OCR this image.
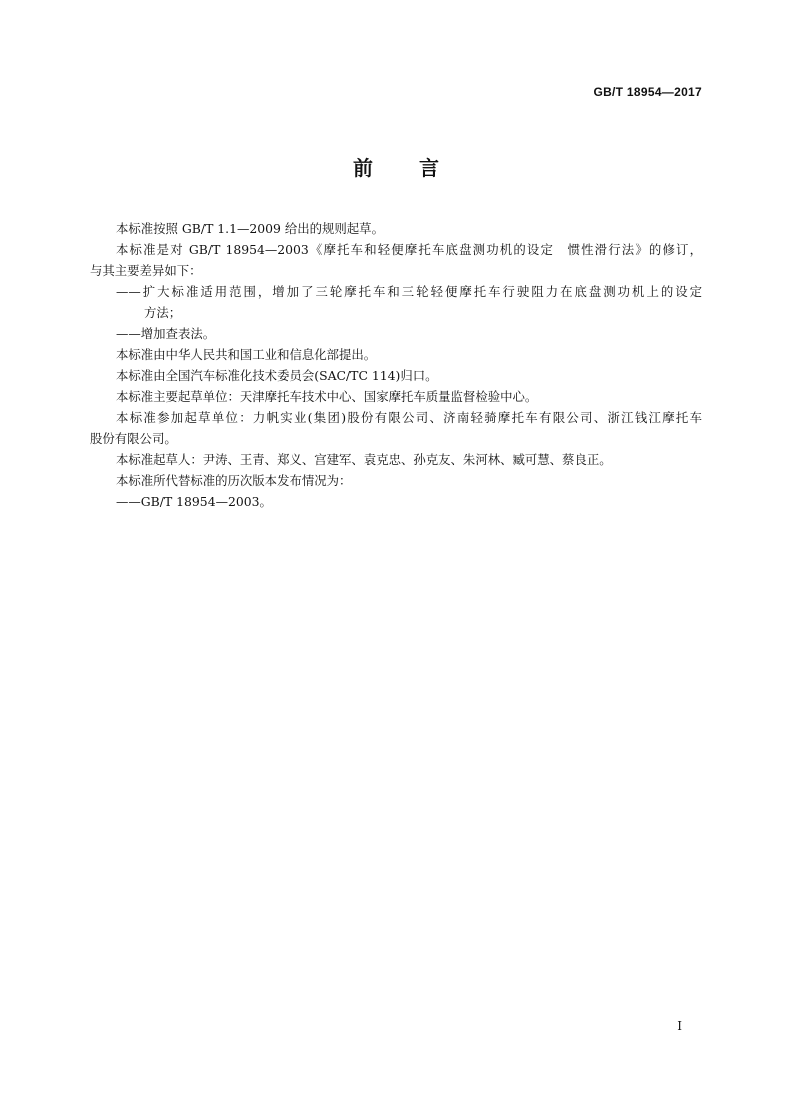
GB/T 18954—2017
前言

本标准按照 GB/T 1.1—2009 给出的规则起草。

本标准是对 GB/T 18954—2003《摩托车和轻便摩托车底盘测功机的设定　惯性滑行法》的修订，

与其主要差异如下：

——扩大标准适用范围，增加了三轮摩托车和三轮轻便摩托车行驶阻力在底盘测功机上的设定

方法；

——增加查表法。

本标准由中华人民共和国工业和信息化部提出。

本标准由全国汽车标准化技术委员会(SAC/TC 114)归口。

本标准主要起草单位：天津摩托车技术中心、国家摩托车质量监督检验中心。

本标准参加起草单位：力帆实业(集团)股份有限公司、济南轻骑摩托车有限公司、浙江钱江摩托车

股份有限公司。

本标准起草人：尹涛、王青、郑义、宫建军、袁克忠、孙克友、朱河林、臧可慧、蔡良正。

本标准所代替标准的历次版本发布情况为：

——GB/T 18954—2003。

I
